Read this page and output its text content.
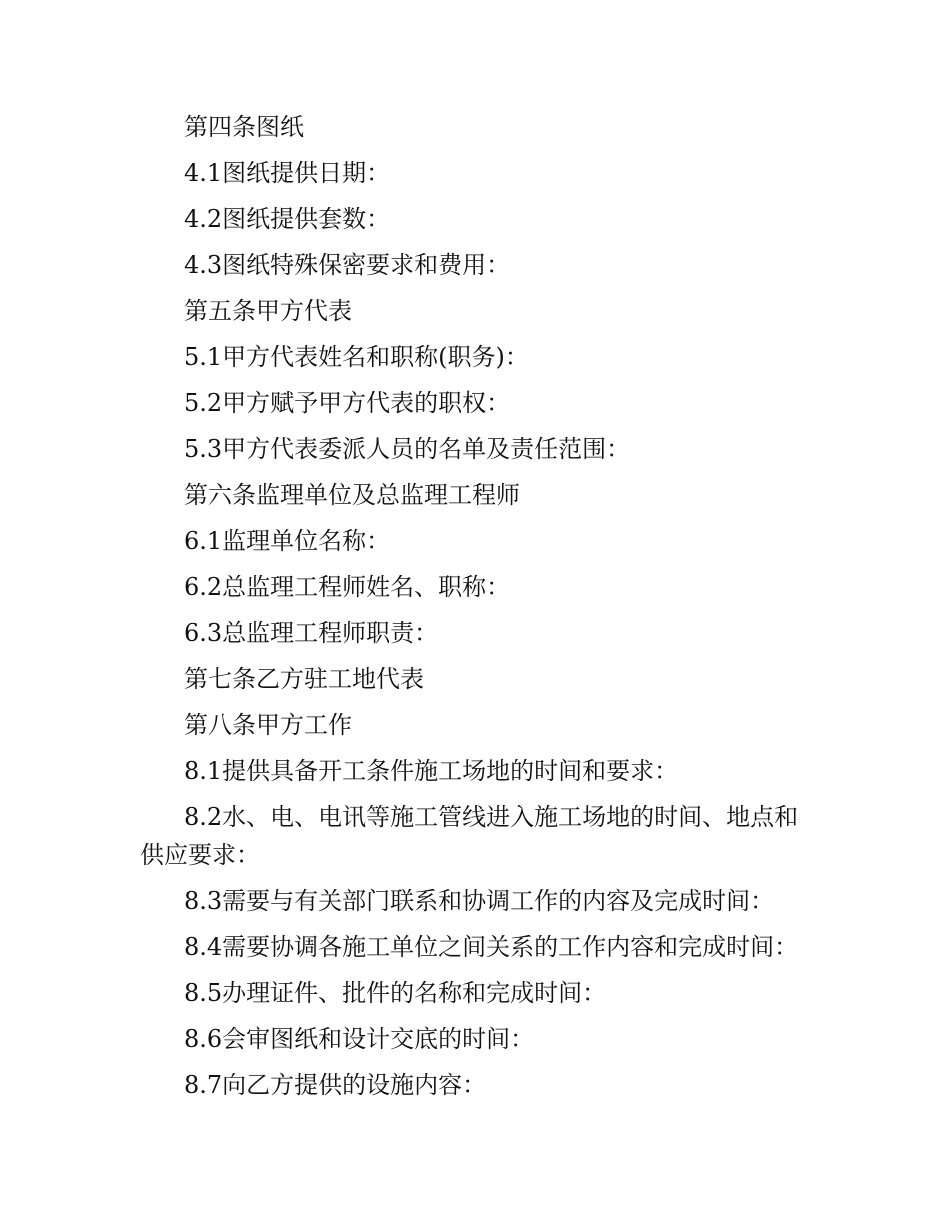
第四条图纸

4.1图纸提供日期：

4.2图纸提供套数：

4.3图纸特殊保密要求和费用：

第五条甲方代表

5.1甲方代表姓名和职称(职务)：

5.2甲方赋予甲方代表的职权：

5.3甲方代表委派人员的名单及责任范围：

第六条监理单位及总监理工程师

6.1监理单位名称：

6.2总监理工程师姓名、职称：

6.3总监理工程师职责：

第七条乙方驻工地代表

第八条甲方工作

8.1提供具备开工条件施工场地的时间和要求：

8.2水、电、电讯等施工管线进入施工场地的时间、地点和供应要求：

8.3需要与有关部门联系和协调工作的内容及完成时间：

8.4需要协调各施工单位之间关系的工作内容和完成时间：

8.5办理证件、批件的名称和完成时间：

8.6会审图纸和设计交底的时间：

8.7向乙方提供的设施内容：
